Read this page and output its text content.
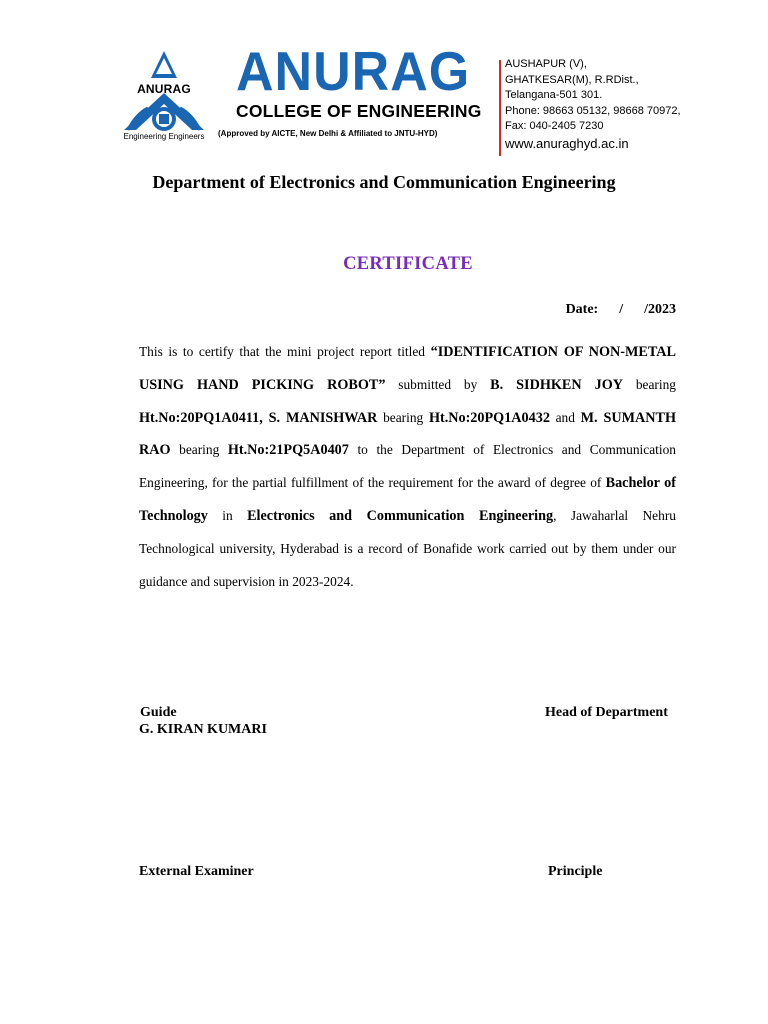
ANURAG
Engineering Engineers
ANURAG
COLLEGE OF ENGINEERING
(Approved by AICTE, New Delhi & Affiliated to JNTU-HYD)
AUSHAPUR (V),
GHATKESAR(M), R.RDist.,
Telangana-501 301.
Phone: 98663 05132, 98668 70972,
Fax: 040-2405 7230
www.anuraghyd.ac.in
Department of Electronics and Communication Engineering
CERTIFICATE
Date:      /      /2023
This is to certify that the mini project report titled “IDENTIFICATION OF NON-METAL USING HAND PICKING ROBOT” submitted by B. SIDHKEN JOY bearing Ht.No:20PQ1A0411, S. MANISHWAR bearing Ht.No:20PQ1A0432 and M. SUMANTH RAO bearing Ht.No:21PQ5A0407 to the Department of Electronics and Communication Engineering, for the partial fulfillment of the requirement for the award of degree of Bachelor of Technology in Electronics and Communication Engineering, Jawaharlal Nehru Technological university, Hyderabad is a record of Bonafide work carried out by them under our guidance and supervision in 2023-2024.
Guide
G. KIRAN KUMARI
Head of Department
External Examiner	Principle
